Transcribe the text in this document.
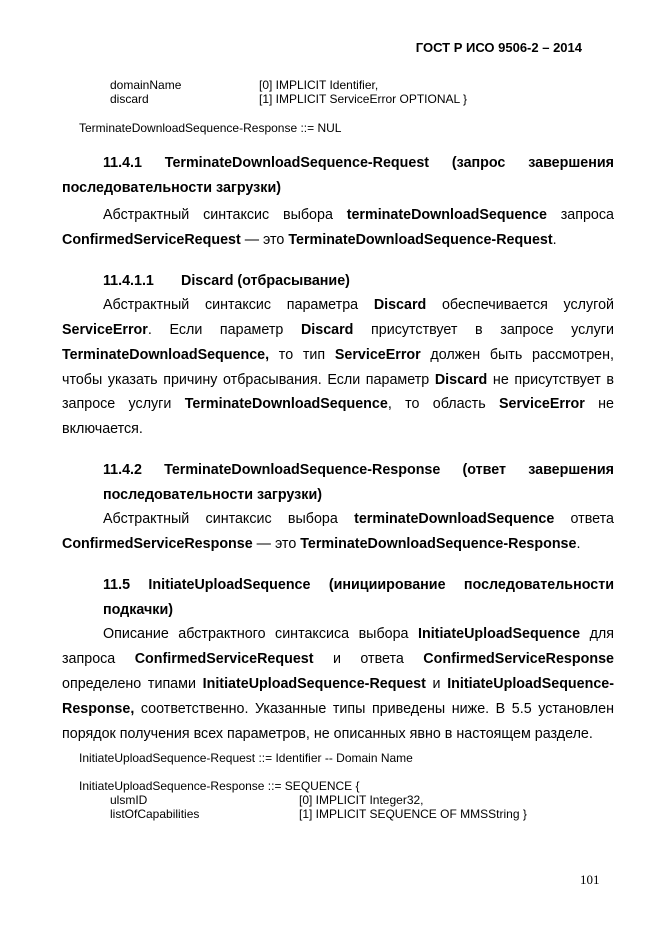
ГОСТ Р ИСО 9506-2 – 2014
domainName	[0] IMPLICIT Identifier,
discard	[1] IMPLICIT ServiceError OPTIONAL }
TerminateDownloadSequence-Response ::= NUL
11.4.1 TerminateDownloadSequence-Request (запрос завершения
последовательности загрузки)
Абстрактный синтаксис выбора terminateDownloadSequence запроса
ConfirmedServiceRequest — это TerminateDownloadSequence-Request.
11.4.1.1 Discard (отбрасывание)
Абстрактный синтаксис параметра Discard обеспечивается услугой
ServiceError. Если параметр Discard присутствует в запросе услуги
TerminateDownloadSequence, то тип ServiceError должен быть рассмотрен,
чтобы указать причину отбрасывания. Если параметр Discard не присутствует в
запросе услуги TerminateDownloadSequence, то область ServiceError не
включается.
11.4.2 TerminateDownloadSequence-Response (ответ завершения
последовательности загрузки)
Абстрактный синтаксис выбора terminateDownloadSequence ответа
ConfirmedServiceResponse — это TerminateDownloadSequence-Response.
11.5 InitiateUploadSequence (инициирование последовательности
подкачки)
Описание абстрактного синтаксиса выбора InitiateUploadSequence для
запроса ConfirmedServiceRequest и ответа ConfirmedServiceResponse
определено типами InitiateUploadSequence-Request и InitiateUploadSequence-
Response, соответственно. Указанные типы приведены ниже. В 5.5 установлен
порядок получения всех параметров, не описанных явно в настоящем разделе.
InitiateUploadSequence-Request ::= Identifier -- Domain Name
InitiateUploadSequence-Response ::= SEQUENCE {
ulsmID	[0] IMPLICIT Integer32,
listOfCapabilities	[1] IMPLICIT SEQUENCE OF MMSString }
101
